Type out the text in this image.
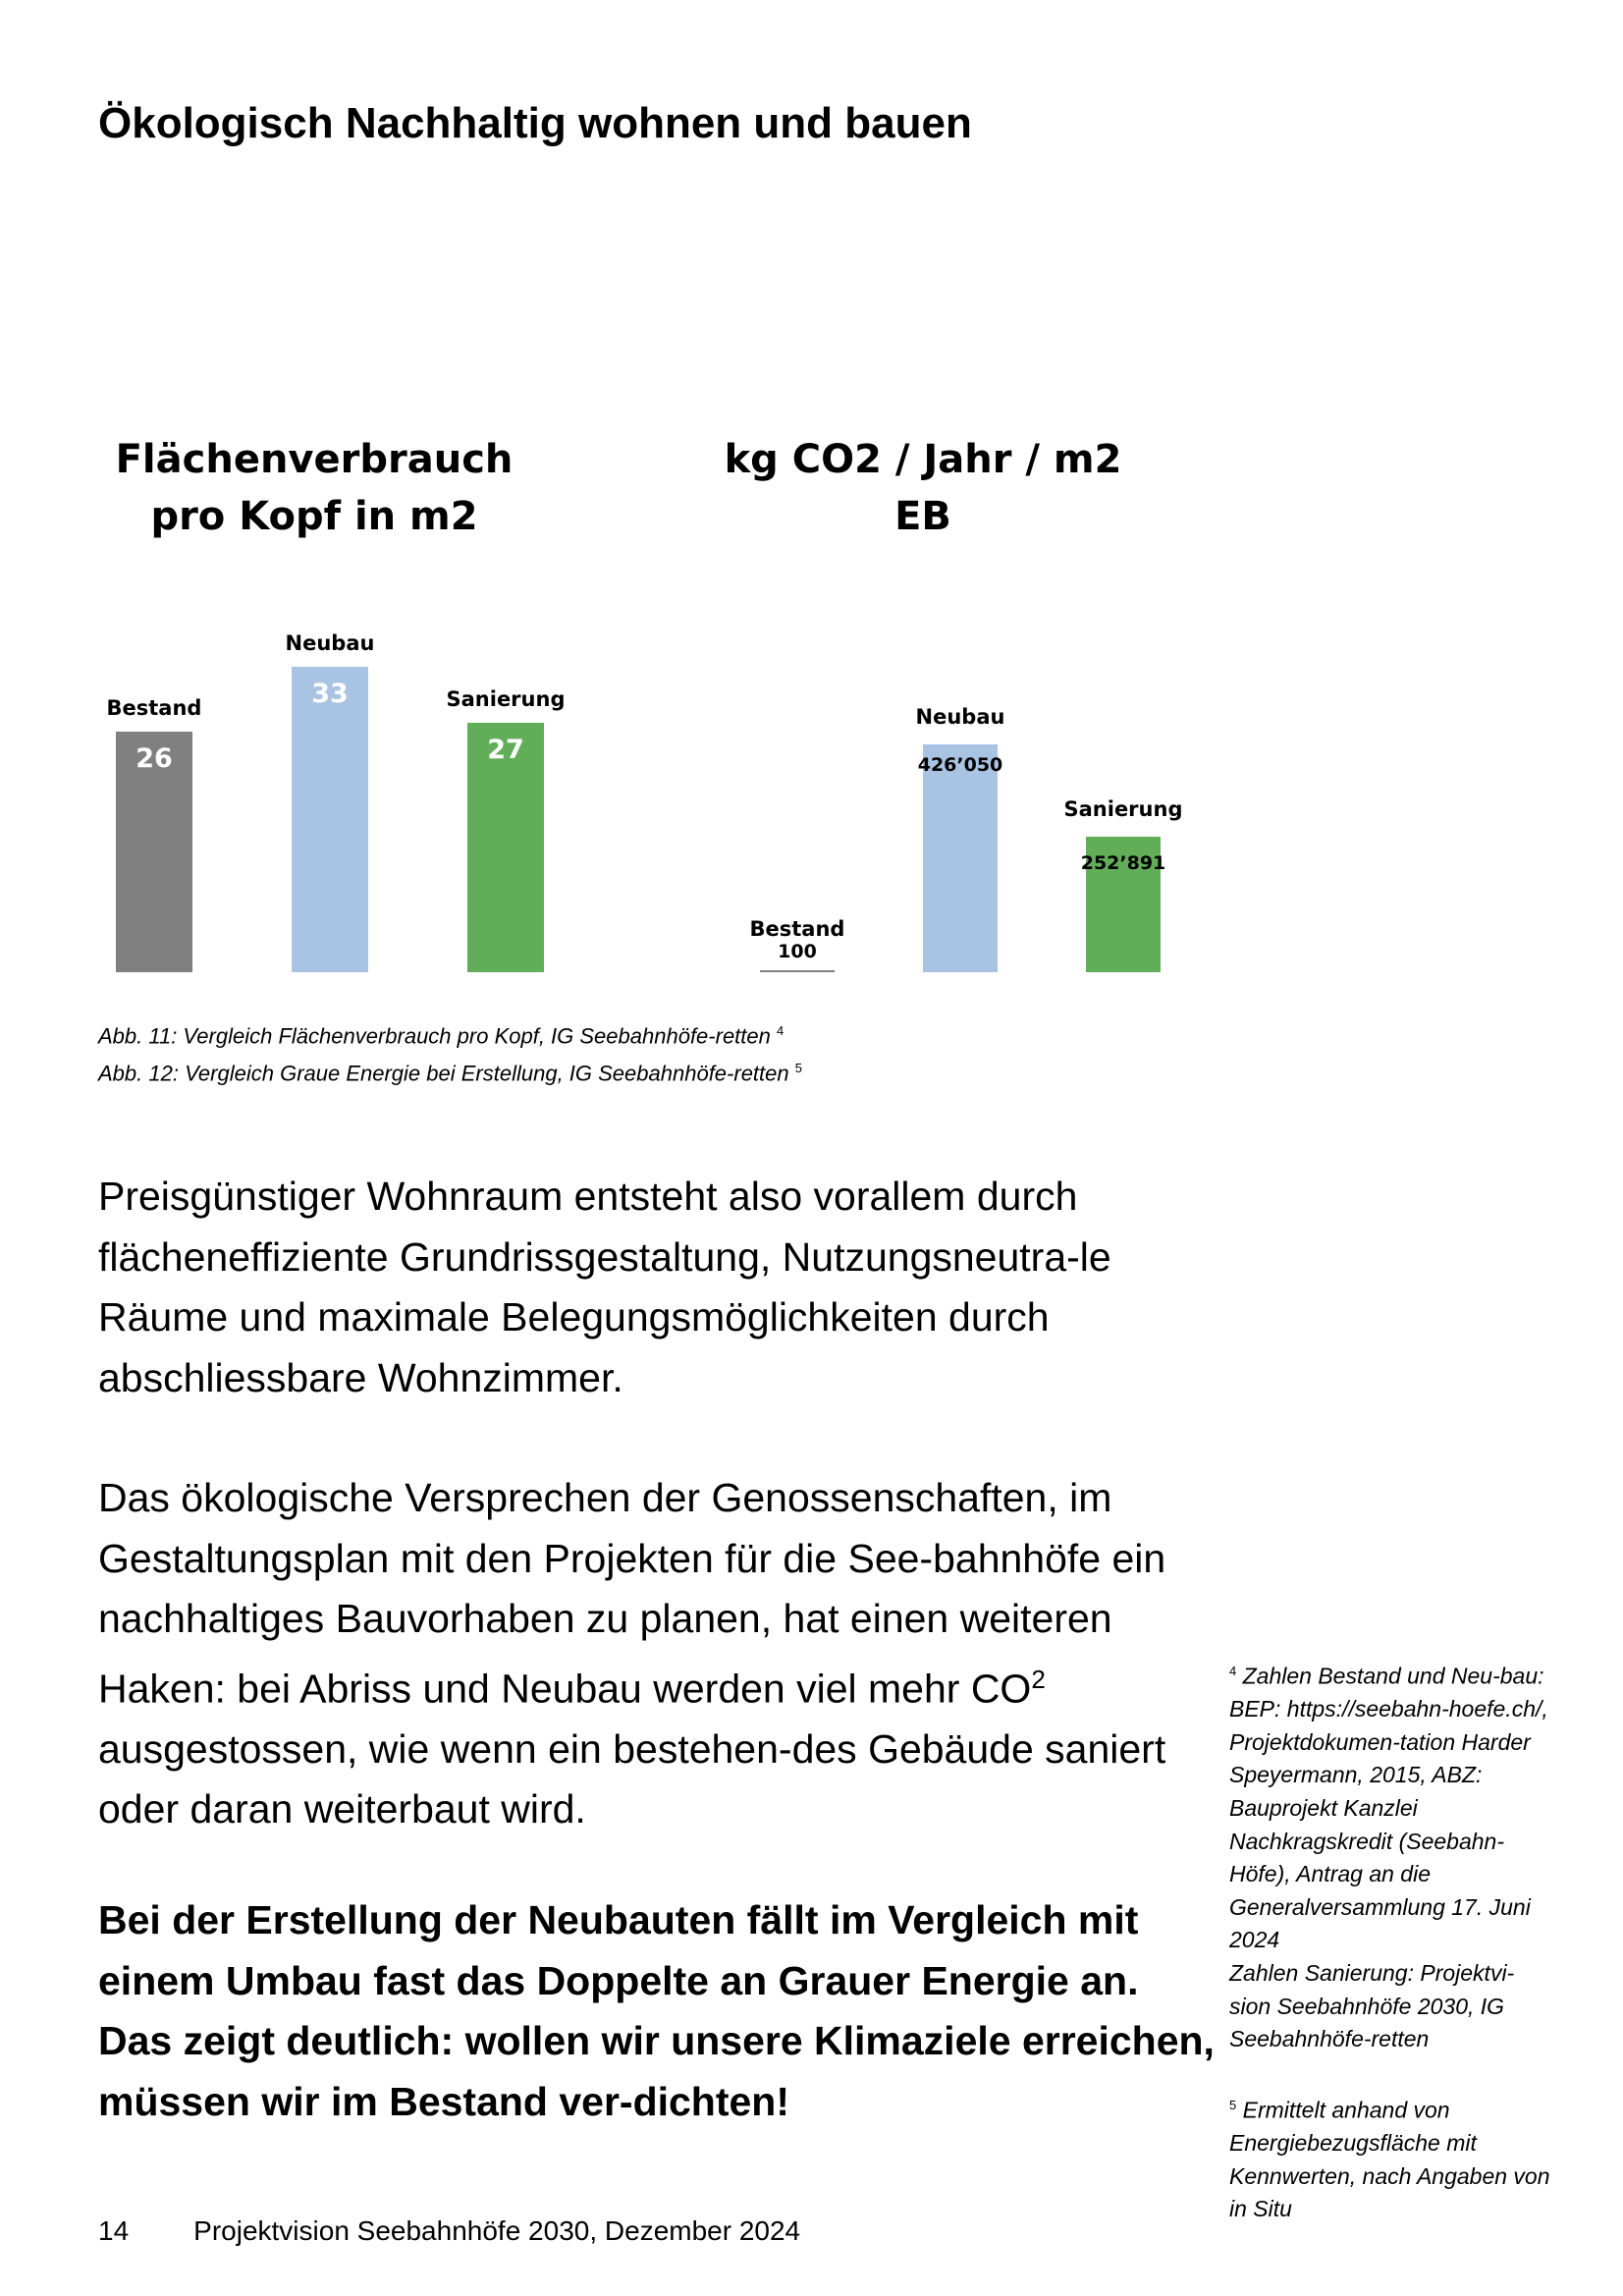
Ökologisch Nachhaltig wohnen und bauen
Flächenverbrauch
pro Kopf in m2
Bestand
26
Neubau
33	Sanierung
27
kg CO2 / Jahr / m2
EB
Bestand
100
Neubau
426’050
Sanierung
252’891
Abb. 11: Vergleich Flächenverbrauch pro Kopf, IG Seebahnhöfe-retten $^4$
Abb. 12: Vergleich Graue Energie bei Erstellung, IG Seebahnhöfe-retten $^5$

Preisgünstiger Wohnraum entsteht also vorallem durch flächeneffiziente Grundrissgestaltung, Nutzungsneutra-le Räume und maximale Belegungsmöglichkeiten durch abschliessbare Wohnzimmer.

Das ökologische Versprechen der Genossenschaften, im Gestaltungsplan mit den Projekten für die See-bahnhöfe ein nachhaltiges Bauvorhaben zu planen, hat einen weiteren Haken: bei Abriss und Neubau werden viel mehr $CO^2$ ausgestossen, wie wenn ein bestehen-des Gebäude saniert oder daran weiterbaut wird.

Bei der Erstellung der Neubauten fällt im Vergleich mit einem Umbau fast das Doppelte an Grauer Energie an. Das zeigt deutlich: wollen wir unsere Klimaziele erreichen, müssen wir im Bestand ver-dichten!

$^4$ Zahlen Bestand und Neu-bau: BEP: https://seebahn-hoefe.ch/, Projektdokumen-tation Harder Speyermann, 2015, ABZ: Bauprojekt Kanzlei Nachkragskredit (Seebahn-Höfe), Antrag an die Generalversammlung 17. Juni 2024
Zahlen Sanierung: Projektvi-sion Seebahnhöfe 2030, IG Seebahnhöfe-retten
$^5$ Ermittelt anhand von Energiebezugsfläche mit Kennwerten, nach Angaben von in Situ
14 Projektvision Seebahnhöfe 2030, Dezember 2024
